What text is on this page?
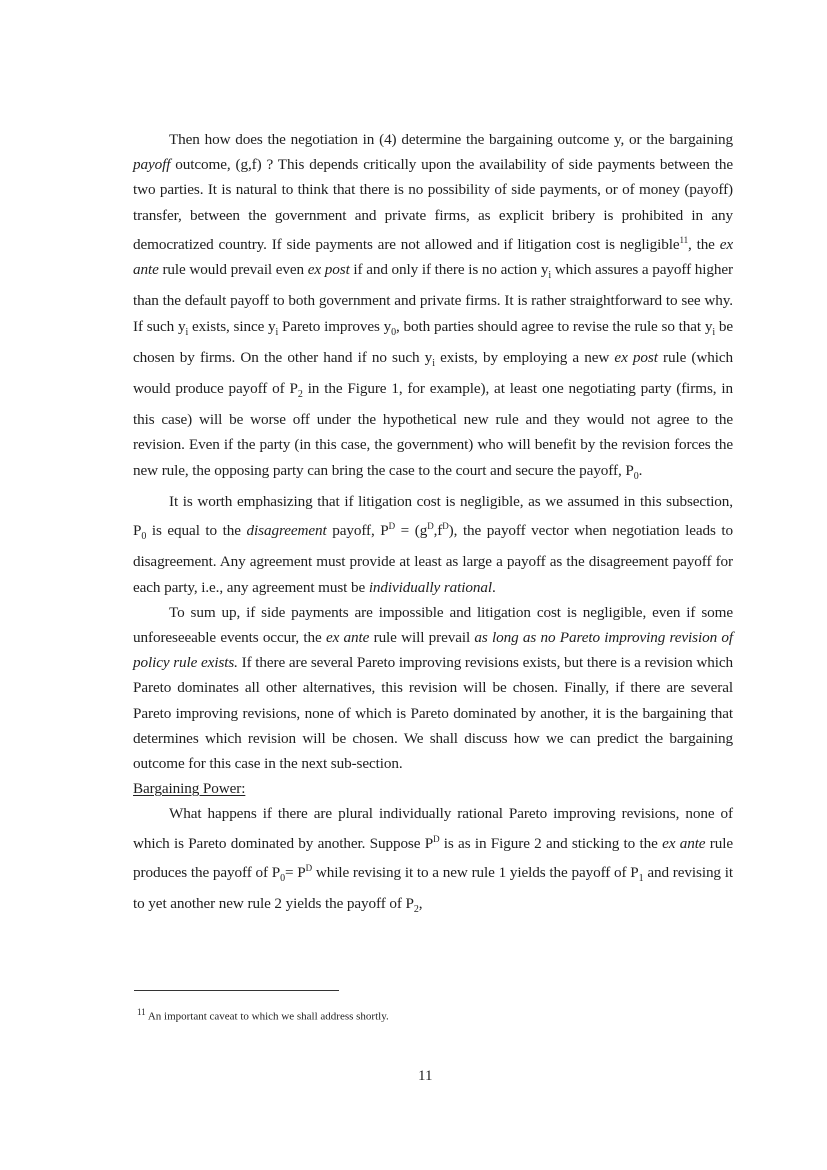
Then how does the negotiation in (4) determine the bargaining outcome y, or the bargaining payoff outcome, (g,f) ? This depends critically upon the availability of side payments between the two parties. It is natural to think that there is no possibility of side payments, or of money (payoff) transfer, between the government and private firms, as explicit bribery is prohibited in any democratized country. If side payments are not allowed and if litigation cost is negligible$^{11}$, the ex ante rule would prevail even ex post if and only if there is no action $y_i$ which assures a payoff higher than the default payoff to both government and private firms. It is rather straightforward to see why. If such $y_i$ exists, since $y_i$ Pareto improves $y_0$, both parties should agree to revise the rule so that $y_i$ be chosen by firms. On the other hand if no such $y_i$ exists, by employing a new ex post rule (which would produce payoff of $P_2$ in the Figure 1, for example), at least one negotiating party (firms, in this case) will be worse off under the hypothetical new rule and they would not agree to the revision. Even if the party (in this case, the government) who will benefit by the revision forces the new rule, the opposing party can bring the case to the court and secure the payoff, $P_0$.

It is worth emphasizing that if litigation cost is negligible, as we assumed in this subsection, $P_0$ is equal to the disagreement payoff, $P^D = (g^D,f^D)$, the payoff vector when negotiation leads to disagreement. Any agreement must provide at least as large a payoff as the disagreement payoff for each party, i.e., any agreement must be individually rational.

To sum up, if side payments are impossible and litigation cost is negligible, even if some unforeseeable events occur, the ex ante rule will prevail as long as no Pareto improving revision of policy rule exists. If there are several Pareto improving revisions exists, but there is a revision which Pareto dominates all other alternatives, this revision will be chosen. Finally, if there are several Pareto improving revisions, none of which is Pareto dominated by another, it is the bargaining that determines which revision will be chosen. We shall discuss how we can predict the bargaining outcome for this case in the next sub-section.

Bargaining Power:

What happens if there are plural individually rational Pareto improving revisions, none of which is Pareto dominated by another. Suppose $P^D$ is as in Figure 2 and sticking to the ex ante rule produces the payoff of $P_0= P^D$ while revising it to a new rule 1 yields the payoff of $P_1$ and revising it to yet another new rule 2 yields the payoff of $P_2$,

$^{11}$ An important caveat to which we shall address shortly.
11
